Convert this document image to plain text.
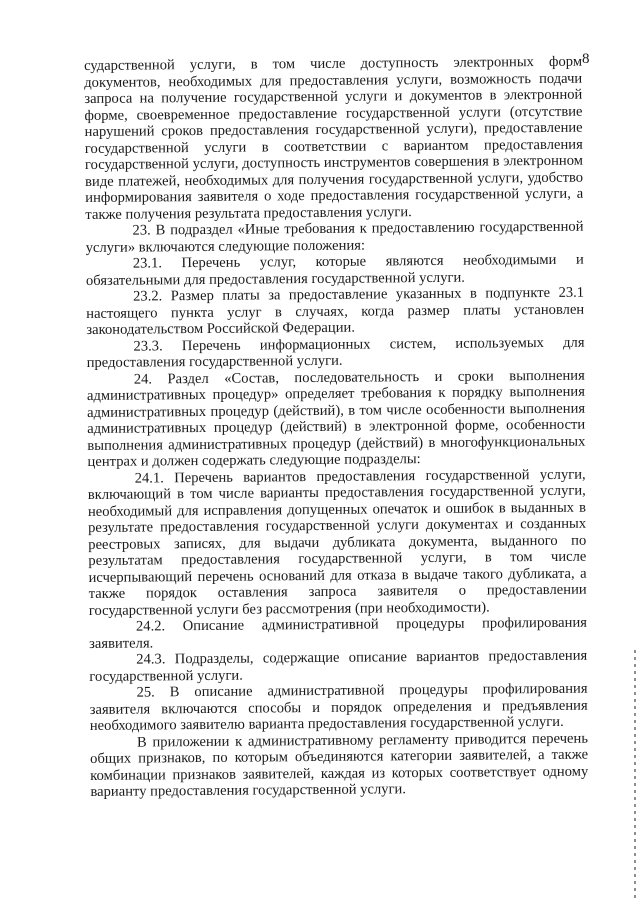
8

сударственной услуги, в том числе доступность электронных форм документов, необходимых для предоставления услуги, возможность подачи запроса на получение государственной услуги и документов в электронной форме, своевременное предоставление государственной услуги (отсутствие нарушений сроков предоставления государственной услуги), предоставление государственной услуги в соответствии с вариантом предоставления государственной услуги, доступность инструментов совершения в электронном виде платежей, необходимых для получения государственной услуги, удобство информирования заявителя о ходе предоставления государственной услуги, а также получения результата предоставления услуги.

23. В подраздел «Иные требования к предоставлению государственной услуги» включаются следующие положения:

23.1. Перечень услуг, которые являются необходимыми и обязательными для предоставления государственной услуги.

23.2. Размер платы за предоставление указанных в подпункте 23.1 настоящего пункта услуг в случаях, когда размер платы установлен законодательством Российской Федерации.

23.3. Перечень информационных систем, используемых для предоставления государственной услуги.

24. Раздел «Состав, последовательность и сроки выполнения административных процедур» определяет требования к порядку выполнения административных процедур (действий), в том числе особенности выполнения административных процедур (действий) в электронной форме, особенности выполнения административных процедур (действий) в многофункциональных центрах и должен содержать следующие подразделы:

24.1. Перечень вариантов предоставления государственной услуги, включающий в том числе варианты предоставления государственной услуги, необходимый для исправления допущенных опечаток и ошибок в выданных в результате предоставления государственной услуги документах и созданных реестровых записях, для выдачи дубликата документа, выданного по результатам предоставления государственной услуги, в том числе исчерпывающий перечень оснований для отказа в выдаче такого дубликата, а также порядок оставления запроса заявителя о предоставлении государственной услуги без рассмотрения (при необходимости).

24.2. Описание административной процедуры профилирования заявителя.

24.3. Подразделы, содержащие описание вариантов предоставления государственной услуги.

25. В описание административной процедуры профилирования заявителя включаются способы и порядок определения и предъявления необходимого заявителю варианта предоставления государственной услуги.

В приложении к административному регламенту приводится перечень общих признаков, по которым объединяются категории заявителей, а также комбинации признаков заявителей, каждая из которых соответствует одному варианту предоставления государственной услуги.
